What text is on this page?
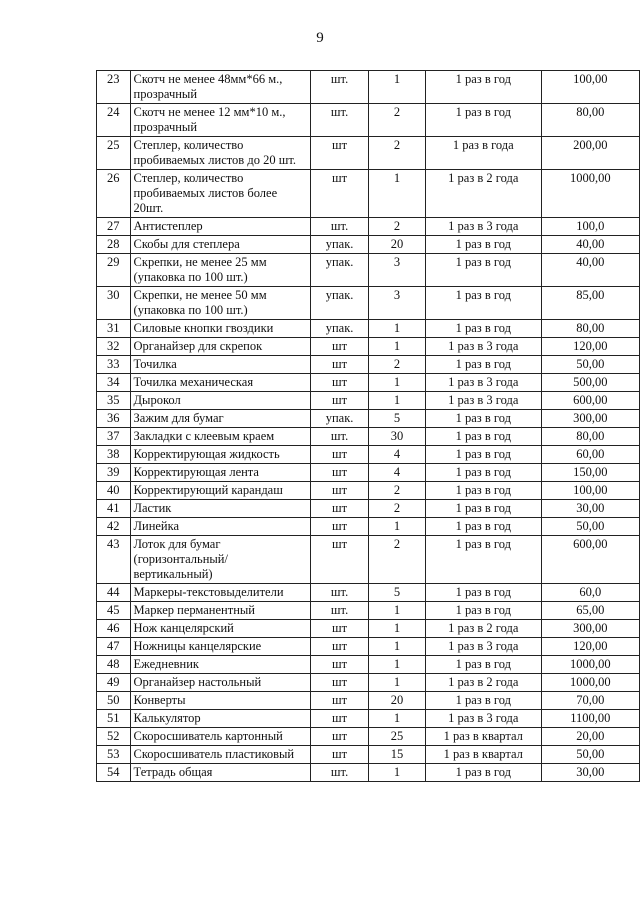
9
23	Скотч не менее 48мм*66 м., прозрачный	шт.	1	1 раз в год	100,00
24	Скотч не менее 12 мм*10 м., прозрачный	шт.	2	1 раз в год	80,00
25	Степлер, количество пробиваемых листов до 20 шт.	шт	2	1 раз в года	200,00
26	Степлер, количество пробиваемых листов более 20шт.	шт	1	1 раз в 2 года	1000,00
27	Антистеплер	шт.	2	1 раз в 3 года	100,0
28	Скобы для степлера	упак.	20	1 раз в год	40,00
29	Скрепки, не менее 25 мм (упаковка по 100 шт.)	упак.	3	1 раз в год	40,00
30	Скрепки, не менее 50 мм (упаковка по 100 шт.)	упак.	3	1 раз в год	85,00
31	Силовые кнопки гвоздики	упак.	1	1 раз в год	80,00
32	Органайзер для скрепок	шт	1	1 раз в 3 года	120,00
33	Точилка	шт	2	1 раз в год	50,00
34	Точилка механическая	шт	1	1 раз в 3 года	500,00
35	Дырокол	шт	1	1 раз в 3 года	600,00
36	Зажим для бумаг	упак.	5	1 раз в год	300,00
37	Закладки с клеевым краем	шт.	30	1 раз в год	80,00
38	Корректирующая жидкость	шт	4	1 раз в год	60,00
39	Корректирующая лента	шт	4	1 раз в год	150,00
40	Корректирующий карандаш	шт	2	1 раз в год	100,00
41	Ластик	шт	2	1 раз в год	30,00
42	Линейка	шт	1	1 раз в год	50,00
43	Лоток для бумаг (горизонтальный/ вертикальный)	шт	2	1 раз в год	600,00
44	Маркеры-текстовыделители	шт.	5	1 раз в год	60,0
45	Маркер перманентный	шт.	1	1 раз в год	65,00
46	Нож канцелярский	шт	1	1 раз в 2 года	300,00
47	Ножницы канцелярские	шт	1	1 раз в 3 года	120,00
48	Ежедневник	шт	1	1 раз в год	1000,00
49	Органайзер настольный	шт	1	1 раз в 2 года	1000,00
50	Конверты	шт	20	1 раз в год	70,00
51	Калькулятор	шт	1	1 раз в 3 года	1100,00
52	Скоросшиватель картонный	шт	25	1 раз в квартал	20,00
53	Скоросшиватель пластиковый	шт	15	1 раз в квартал	50,00
54	Тетрадь общая	шт.	1	1 раз в год	30,00
